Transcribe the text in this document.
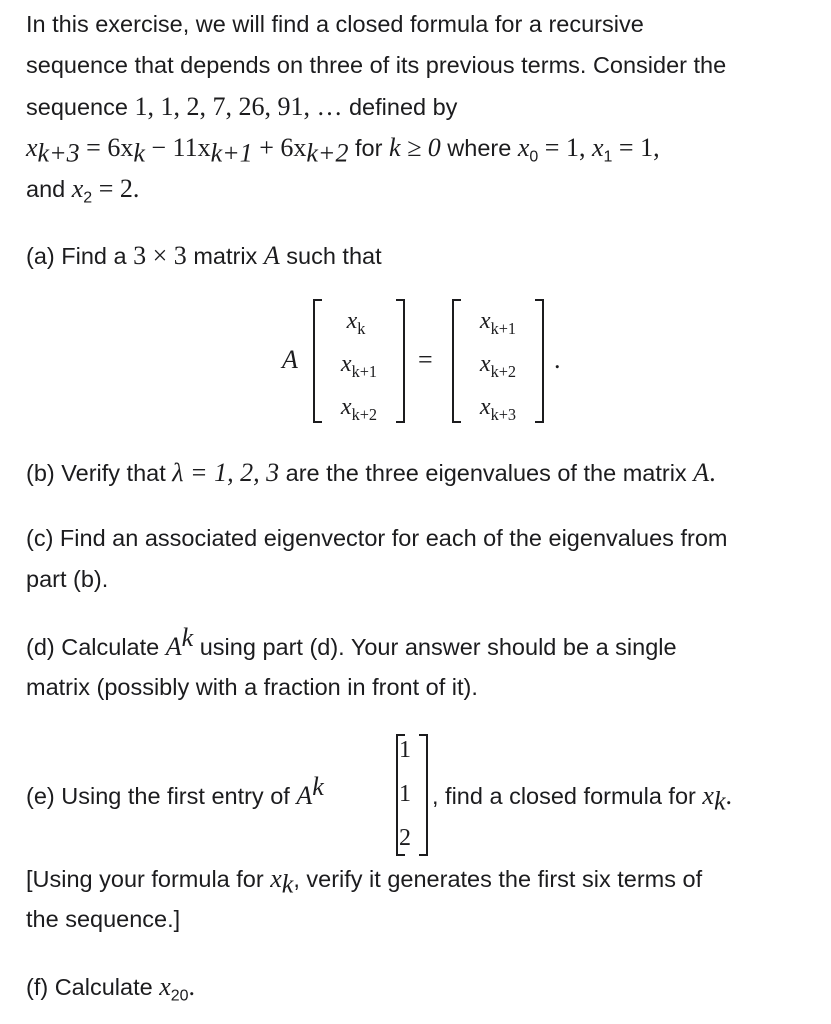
In this exercise, we will find a closed formula for a recursive
sequence that depends on three of its previous terms. Consider the
sequence 1, 1, 2, 7, 26, 91, … defined by
$x_{k+3} = 6x_k - 11x_{k+1} + 6x_{k+2}$ for k ≥ 0 where $x_0 = 1$, $x_1 = 1$,
and $x_2 = 2$.
(a) Find a 3 × 3 matrix A such that
A
$x_k$
$x_{k+1}$
$x_{k+2}$
=
$x_{k+1}$
$x_{k+2}$
$x_{k+3}$
.
(b) Verify that λ = 1, 2, 3 are the three eigenvalues of the matrix A.
(c) Find an associated eigenvector for each of the eigenvalues from
part (b).
(d) Calculate $A^k$ using part (d). Your answer should be a single
matrix (possibly with a fraction in front of it).
(e) Using the first entry of $A^k$
1
1
2
, find a closed formula for $x_k$.
[Using your formula for $x_k$, verify it generates the first six terms of
the sequence.]
(f) Calculate $x_{20}$.
